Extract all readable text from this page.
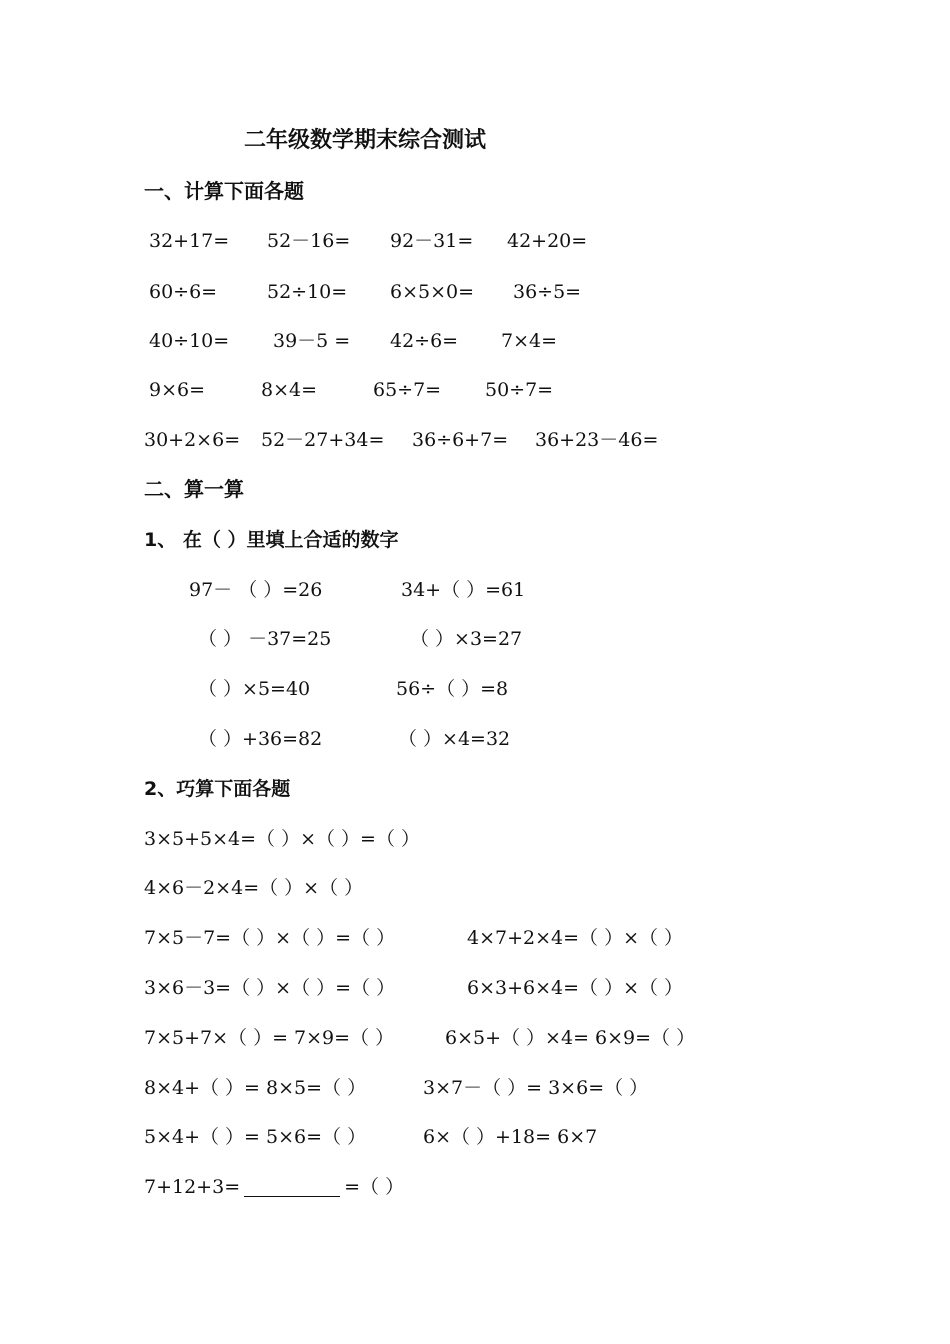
二年级数学期末综合测试
一、计算下面各题
32+17= 52－16= 92－31= 42+20=
60÷6=	52÷10= 6×5×0= 36÷5=
40÷10= 39－5 = 42÷6= 7×4=
9×6=	8×4=	65÷7= 50÷7=
30+2×6= 52－27+34= 36÷6+7= 36+23－46=
二、算一算
1、 在（ ）里填上合适的数字
97－ （ ）=26	34+（ ）=61
（ ） －37=25	（ ）×3=27
（ ）×5=40	56÷（ ）=8
（ ）+36=82	（ ）×4=32
2、巧算下面各题
3×5+5×4=（ ）×（ ）=（ ）
4×6－2×4=（ ）×（ ）
7×5－7=（ ）×（ ）=（ ）	4×7+2×4=（ ）×（ ）
3×6－3=（ ）×（ ）=（ ）	6×3+6×4=（ ）×（ ）
7×5+7×（ ）= 7×9=（ ）	6×5+（ ）×4= 6×9=（ ）
8×4+（ ）= 8×5=（ ）	3×7－（ ）= 3×6=（ ）
5×4+（ ）= 5×6=（ ）	6×（ ）+18= 6×7
7+12+3=	=（ ）
